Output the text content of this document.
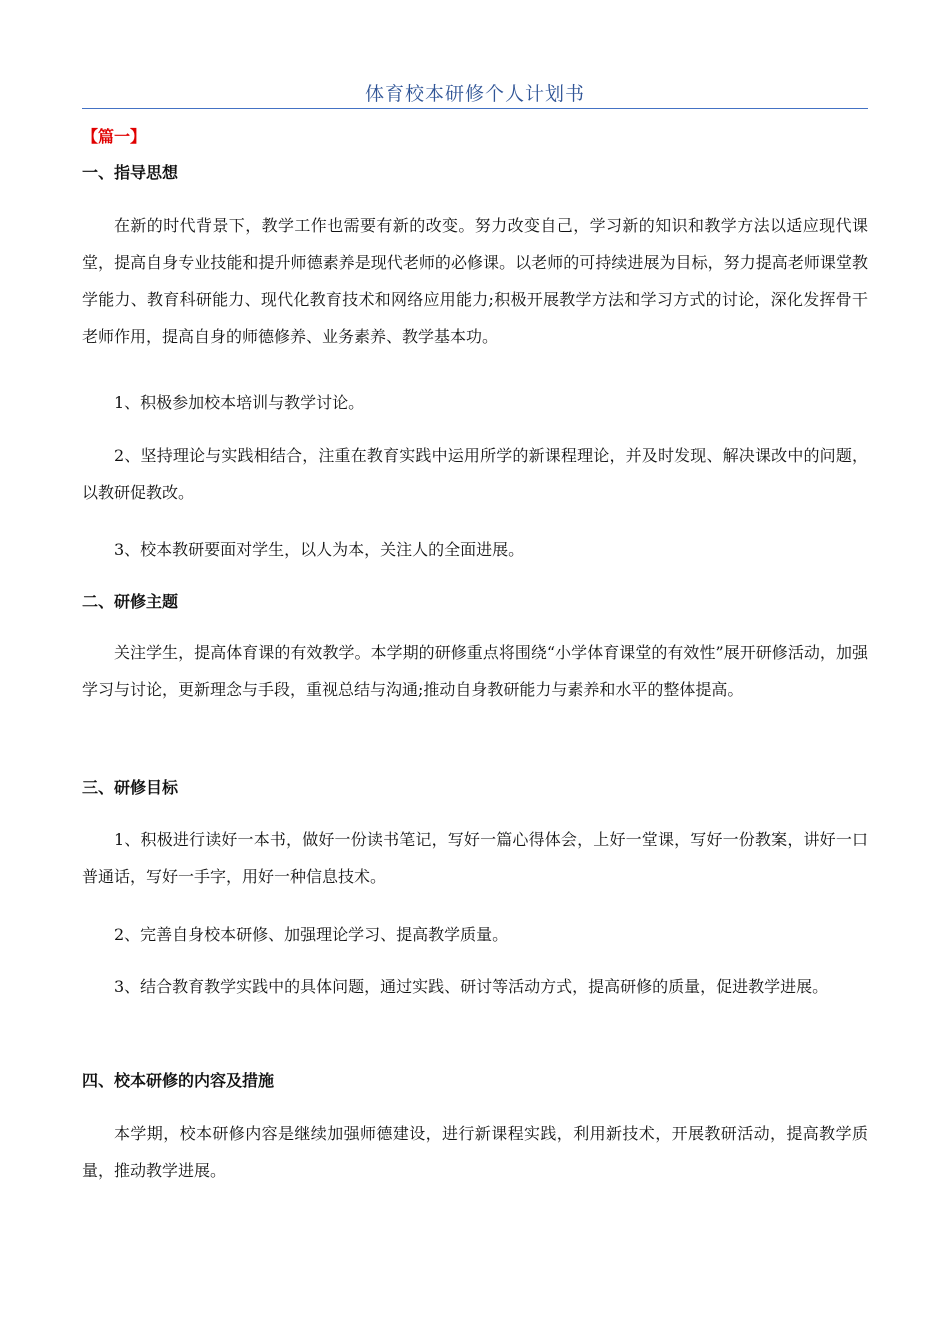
体育校本研修个人计划书
【篇一】
一、指导思想

在新的时代背景下，教学工作也需要有新的改变。努力改变自己，学习新的知识和教学方法以适应现代课堂，提高自身专业技能和提升师德素养是现代老师的必修课。以老师的可持续进展为目标，努力提高老师课堂教学能力、教育科研能力、现代化教育技术和网络应用能力;积极开展教学方法和学习方式的讨论，深化发挥骨干老师作用，提高自身的师德修养、业务素养、教学基本功。

1、积极参加校本培训与教学讨论。

2、坚持理论与实践相结合，注重在教育实践中运用所学的新课程理论，并及时发现、解决课改中的问题，以教研促教改。

3、校本教研要面对学生，以人为本，关注人的全面进展。

二、研修主题

关注学生，提高体育课的有效教学。本学期的研修重点将围绕“小学体育课堂的有效性”展开研修活动，加强学习与讨论，更新理念与手段，重视总结与沟通;推动自身教研能力与素养和水平的整体提高。

三、研修目标

1、积极进行读好一本书，做好一份读书笔记，写好一篇心得体会，上好一堂课，写好一份教案，讲好一口普通话，写好一手字，用好一种信息技术。

2、完善自身校本研修、加强理论学习、提高教学质量。

3、结合教育教学实践中的具体问题，通过实践、研讨等活动方式，提高研修的质量，促进教学进展。

四、校本研修的内容及措施

本学期，校本研修内容是继续加强师德建设，进行新课程实践，利用新技术，开展教研活动，提高教学质量，推动教学进展。
